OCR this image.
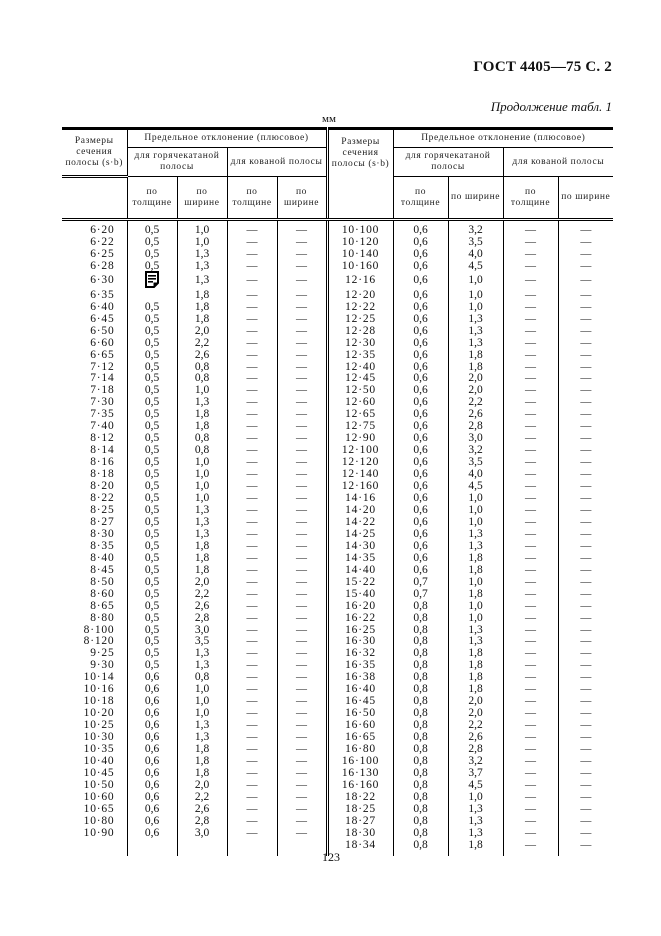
ГОСТ 4405—75 С. 2
Продолжение табл. 1
мм
Размеры сечения полосы (s·b)	Предельное отклонение (плюсовое)				Размеры сечения полосы (s·b)	Предельное отклонение (плюсовое)			
	для горячекатаной полосы		для кованой полосы			для горячекатаной полосы		для кованой полосы	
	по толщине	по ширине	по толщине	по ширине		по толщине	по ширине	по толщине	по ширине
6·20	0,5	1,0	—	—	10·100	0,6	3,2	—	—
6·22	0,5	1,0	—	—	10·120	0,6	3,5	—	—
6·25	0,5	1,3	—	—	10·140	0,6	4,0	—	—
6·28	0,5	1,3	—	—	10·160	0,6	4,5	—	—
6·30		1,3	—	—	12·16	0,6	1,0	—	—
6·35		1,8	—	—	12·20	0,6	1,0	—	—
6·40	0,5	1,8	—	—	12·22	0,6	1,0	—	—
6·45	0,5	1,8	—	—	12·25	0,6	1,3	—	—
6·50	0,5	2,0	—	—	12·28	0,6	1,3	—	—
6·60	0,5	2,2	—	—	12·30	0,6	1,3	—	—
6·65	0,5	2,6	—	—	12·35	0,6	1,8	—	—
7·12	0,5	0,8	—	—	12·40	0,6	1,8	—	—
7·14	0,5	0,8	—	—	12·45	0,6	2,0	—	—
7·18	0,5	1,0	—	—	12·50	0,6	2,0	—	—
7·30	0,5	1,3	—	—	12·60	0,6	2,2	—	—
7·35	0,5	1,8	—	—	12·65	0,6	2,6	—	—
7·40	0,5	1,8	—	—	12·75	0,6	2,8	—	—
8·12	0,5	0,8	—	—	12·90	0,6	3,0	—	—
8·14	0,5	0,8	—	—	12·100	0,6	3,2	—	—
8·16	0,5	1,0	—	—	12·120	0,6	3,5	—	—
8·18	0,5	1,0	—	—	12·140	0,6	4,0	—	—
8·20	0,5	1,0	—	—	12·160	0,6	4,5	—	—
8·22	0,5	1,0	—	—	14·16	0,6	1,0	—	—
8·25	0,5	1,3	—	—	14·20	0,6	1,0	—	—
8·27	0,5	1,3	—	—	14·22	0,6	1,0	—	—
8·30	0,5	1,3	—	—	14·25	0,6	1,3	—	—
8·35	0,5	1,8	—	—	14·30	0,6	1,3	—	—
8·40	0,5	1,8	—	—	14·35	0,6	1,8	—	—
8·45	0,5	1,8	—	—	14·40	0,6	1,8	—	—
8·50	0,5	2,0	—	—	15·22	0,7	1,0	—	—
8·60	0,5	2,2	—	—	15·40	0,7	1,8	—	—
8·65	0,5	2,6	—	—	16·20	0,8	1,0	—	—
8·80	0,5	2,8	—	—	16·22	0,8	1,0	—	—
8·100	0,5	3,0	—	—	16·25	0,8	1,3	—	—
8·120	0,5	3,5	—	—	16·30	0,8	1,3	—	—
9·25	0,5	1,3	—	—	16·32	0,8	1,8	—	—
9·30	0,5	1,3	—	—	16·35	0,8	1,8	—	—
10·14	0,6	0,8	—	—	16·38	0,8	1,8	—	—
10·16	0,6	1,0	—	—	16·40	0,8	1,8	—	—
10·18	0,6	1,0	—	—	16·45	0,8	2,0	—	—
10·20	0,6	1,0	—	—	16·50	0,8	2,0	—	—
10·25	0,6	1,3	—	—	16·60	0,8	2,2	—	—
10·30	0,6	1,3	—	—	16·65	0,8	2,6	—	—
10·35	0,6	1,8	—	—	16·80	0,8	2,8	—	—
10·40	0,6	1,8	—	—	16·100	0,8	3,2	—	—
10·45	0,6	1,8	—	—	16·130	0,8	3,7	—	—
10·50	0,6	2,0	—	—	16·160	0,8	4,5	—	—
10·60	0,6	2,2	—	—	18·22	0,8	1,0	—	—
10·65	0,6	2,6	—	—	18·25	0,8	1,3	—	—
10·80	0,6	2,8	—	—	18·27	0,8	1,3	—	—
10·90	0,6	3,0	—	—	18·30	0,8	1,3	—	—
					18·34	0,8	1,8	—	—
123
